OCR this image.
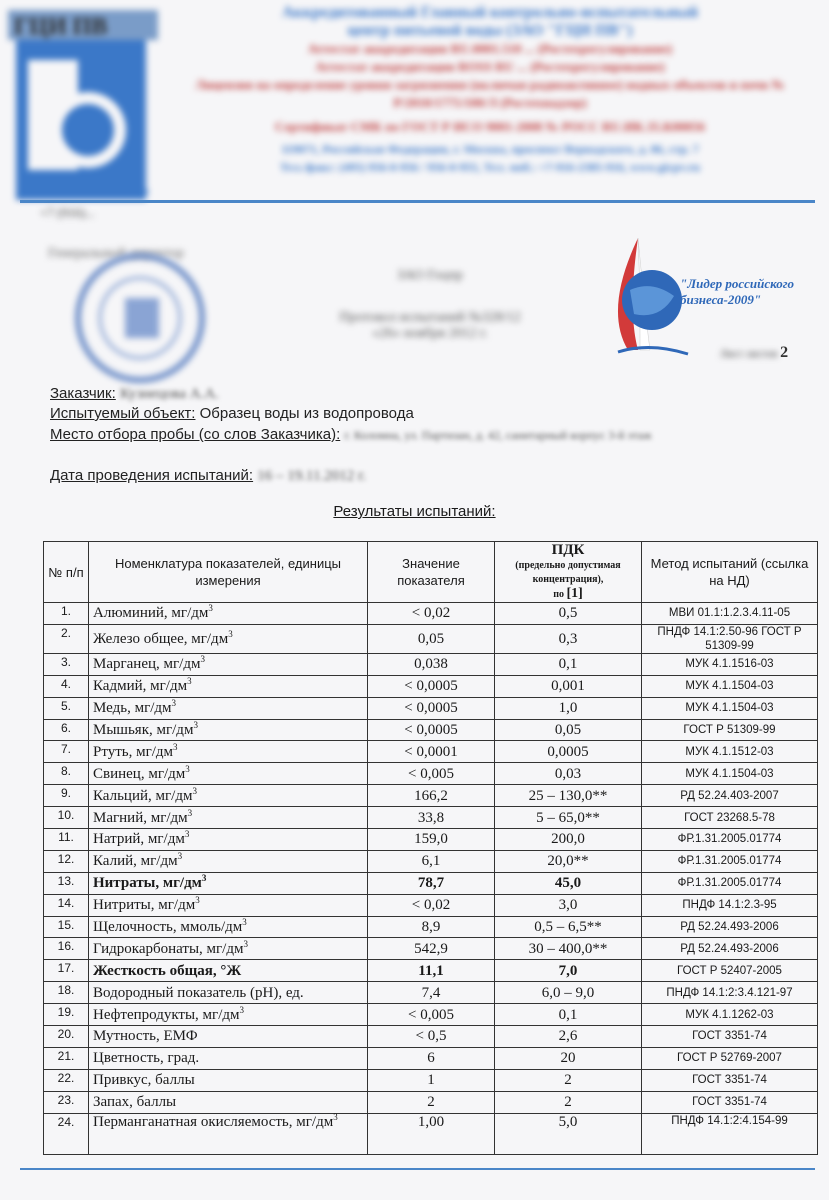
ГЦИ ПВ
Аккредитованный Главный контрольно-испытательный
центр питьевой воды (ЗАО "ГЦИ ПВ")
Аттестат аккредитации RU.0001.510 ... (Ростехрегулирование)
Аттестат аккредитации ROSS RU ... (Ростехрегулирование)
Лицензия на определение уровня загрязнения (включая радиоактивное) водных объектов и почв № Р/2010/1775/100/Л (Ростехнадзор)
Сертификат СМК по ГОСТ Р ИСО 9001-2008 № РОСС RU.ИК.35.К00056
119071, Российская Федерация, г. Москва, проспект Вернадского, д. 86, стр. 7
Тел./факс: (495) 956-0-956 / 956-0-955, Тел. моб.: +7-916-2385-916, www.gicpv.ru
+7 (916)...
Генеральный директор
ЗАО Гоцпр
Протокол испытаний №328/12
«26» ноября 2012 г.
"Лидер российского бизнеса-2009"
Лист листов 2
Заказчик: Кузнецова А.А.
Испытуемый объект: Образец воды из водопровода
Место отбора пробы (со слов Заказчика): г. Коломна, ул. Партизан, д. 42, санитарный корпус 3-й этаж
Дата проведения испытаний: 16 – 19.11.2012 г.
Результаты испытаний:
№ п/п	Номенклатура показателей, единицы измерения	Значение показателя	ПДК
(предельно допустимая концентрация),
по [1]	Метод испытаний (ссылка на НД)
1.	Алюминий, $мг/дм^3$	< 0,02	0,5	МВИ 01.1:1.2.3.4.11-05
2.	Железо общее, $мг/дм^3$	0,05	0,3	ПНДФ 14.1:2.50-96 ГОСТ Р 51309-99
3.	Марганец, $мг/дм^3$	0,038	0,1	МУК 4.1.1516-03
4.	Кадмий, $мг/дм^3$	< 0,0005	0,001	МУК 4.1.1504-03
5.	Медь, $мг/дм^3$	< 0,0005	1,0	МУК 4.1.1504-03
6.	Мышьяк, $мг/дм^3$	< 0,0005	0,05	ГОСТ Р 51309-99
7.	Ртуть, $мг/дм^3$	< 0,0001	0,0005	МУК 4.1.1512-03
8.	Свинец, $мг/дм^3$	< 0,005	0,03	МУК 4.1.1504-03
9.	Кальций, $мг/дм^3$	166,2	25 – 130,0**	РД 52.24.403-2007
10.	Магний, $мг/дм^3$	33,8	5 – 65,0**	ГОСТ 23268.5-78
11.	Натрий, $мг/дм^3$	159,0	200,0	ФР.1.31.2005.01774
12.	Калий, $мг/дм^3$	6,1	20,0**	ФР.1.31.2005.01774
13.	Нитраты, $мг/дм^3$	78,7	45,0	ФР.1.31.2005.01774
14.	Нитриты, $мг/дм^3$	< 0,02	3,0	ПНДФ 14.1:2.3-95
15.	Щелочность, ммоль/$дм^3$	8,9	0,5 – 6,5**	РД 52.24.493-2006
16.	Гидрокарбонаты, $мг/дм^3$	542,9	30 – 400,0**	РД 52.24.493-2006
17.	Жесткость общая, °Ж	11,1	7,0	ГОСТ Р 52407-2005
18.	Водородный показатель (pH), ед.	7,4	6,0 – 9,0	ПНДФ 14.1:2:3.4.121-97
19.	Нефтепродукты, $мг/дм^3$	< 0,005	0,1	МУК 4.1.1262-03
20.	Мутность, ЕМФ	< 0,5	2,6	ГОСТ 3351-74
21.	Цветность, град.	6	20	ГОСТ Р 52769-2007
22.	Привкус, баллы	1	2	ГОСТ 3351-74
23.	Запах, баллы	2	2	ГОСТ 3351-74
24.	Перманганатная окисляемость, $мг/дм^3$	1,00	5,0	ПНДФ 14.1:2:4.154-99
